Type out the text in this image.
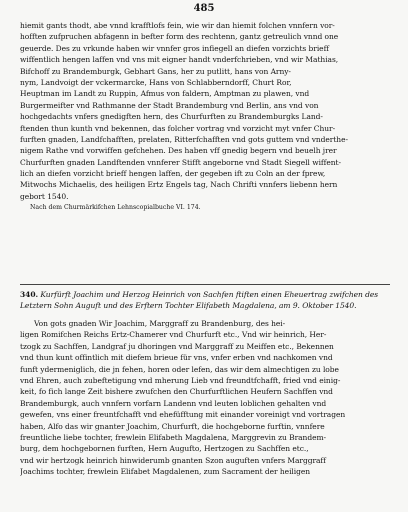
485
hiemit gants thodt, abe vnnd krafftlofs fein, wie wir dan hiemit folchen vnnfern vor-
hofften zufpruchen abfagenn in befter form des rechtenn, gantz getreulich vnnd one
geuerde. Des zu vrkunde haben wir vnnfer gros infiegell an diefen vorzichts brieff
wiffentlich hengen laffen vnd vns mit eigner handt vnderfchrieben, vnd wir Mathias,
Bifchoff zu Brandemburgk, Gebhart Gans, her zu putlitt, hans von Arny-
nym, Landvoigt der vckermarcke, Hans von Schlabberndorff, Churt Ror,
Heuptman im Landt zu Ruppin, Afmus von faldern, Amptman zu plawen, vnd
Burgermeifter vnd Rathmanne der Stadt Brandemburg vnd Berlin, ans vnd von
hochgedachts vnfers gnedigften hern, des Churfurften zu Brandemburgks Land-
ftenden thun kunth vnd bekennen, das folcher vortrag vnd vorzicht myt vnfer Chur-
furften gnaden, Landfchafften, prelaten, Ritterfchafften vnd gots guttem vnd vnderthe-
nigem Rathe vnd vorwiffen gefchehen. Des haben vff gnedig begern vnd beuelh jrer
Churfurften gnaden Landftenden vnnferer Stifft angeborne vnd Stadt Siegell wiffent-
lich an diefen vorzicht brieff hengen laffen, der gegeben ift zu Coln an der fprew,
Mitwochs Michaelis, des heiligen Ertz Engels tag, Nach Chrifti vnnfers liebenn hern
gebort 1540.
Nach dem Churmärkifchen Lehnscopialbuche VI. 174.
340. Kurfürft Joachim und Herzog Heinrich von Sachfen ftiften einen Eheuertrag zwifchen des
Letztern Sohn Auguft und des Erftern Tochter Elifabeth Magdalena, am 9. Oktober 1540.
Von gots gnaden Wir Joachim, Marggraff zu Brandenburg, des hei-
ligen Romifchen Reichs Ertz-Chamerer vnd Churfurft etc., Vnd wir heinrich, Her-
tzogk zu Sachffen, Landgraf ju dhoringen vnd Marggraff zu Meiffen etc., Bekennen
vnd thun kunt offintlich mit diefem brieue für vns, vnfer erben vnd nachkomen vnd
funft ydermeniglich, die jn fehen, horen oder lefen, das wir dem almechtigen zu lobe
vnd Ehren, auch zubeftetigung vnd mherung Lieb vnd freundtfchafft, fried vnd einig-
keit, fo fich lange Zeit bishere zwufchen den Churfurftlichen Heufern Sachffen vnd
Brandemburgk, auch vnnfern vorfarn Landenn vnd leuten loblichen gehalten vnd
gewefen, vns einer freuntfchafft vnd ehefüfftung mit einander voreinigt vnd vortragen
haben, Alfo das wir gnanter Joachim, Churfurft, die hochgeborne furftin, vnnfere
freuntliche liebe tochter, frewlein Elifabeth Magdalena, Marggrevin zu Brandem-
burg, dem hochgebornen furften, Hern Augufto, Hertzogen zu Sachffen etc.,
vnd wir hertzogk heinrich hinwiderumb gnanten Szon auguften vnfers Marggraff
Joachims tochter, frewlein Elifabet Magdalenen, zum Sacrament der heiligen
